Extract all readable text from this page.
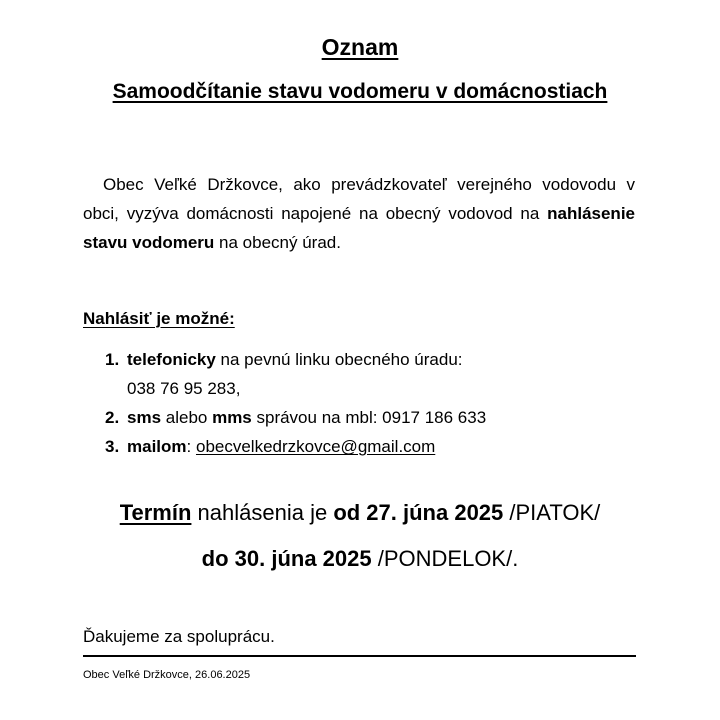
Oznam
Samoodčítanie stavu vodomeru v domácnostiach
Obec Veľké Držkovce, ako prevádzkovateľ verejného vodovodu v obci, vyzýva domácnosti napojené na obecný vodovod na nahlásenie stavu vodomeru na obecný úrad.
Nahlásiť je možné:
1. telefonicky na pevnú linku obecného úradu:
038 76 95 283,
2. sms alebo mms správou na mbl: 0917 186 633
3. mailom: obecvelkedrzkovce@gmail.com
Termín nahlásenia je od 27. júna 2025 /PIATOK/
do 30. júna 2025 /PONDELOK/.
Ďakujeme za spoluprácu.
Obec Veľké Držkovce, 26.06.2025
